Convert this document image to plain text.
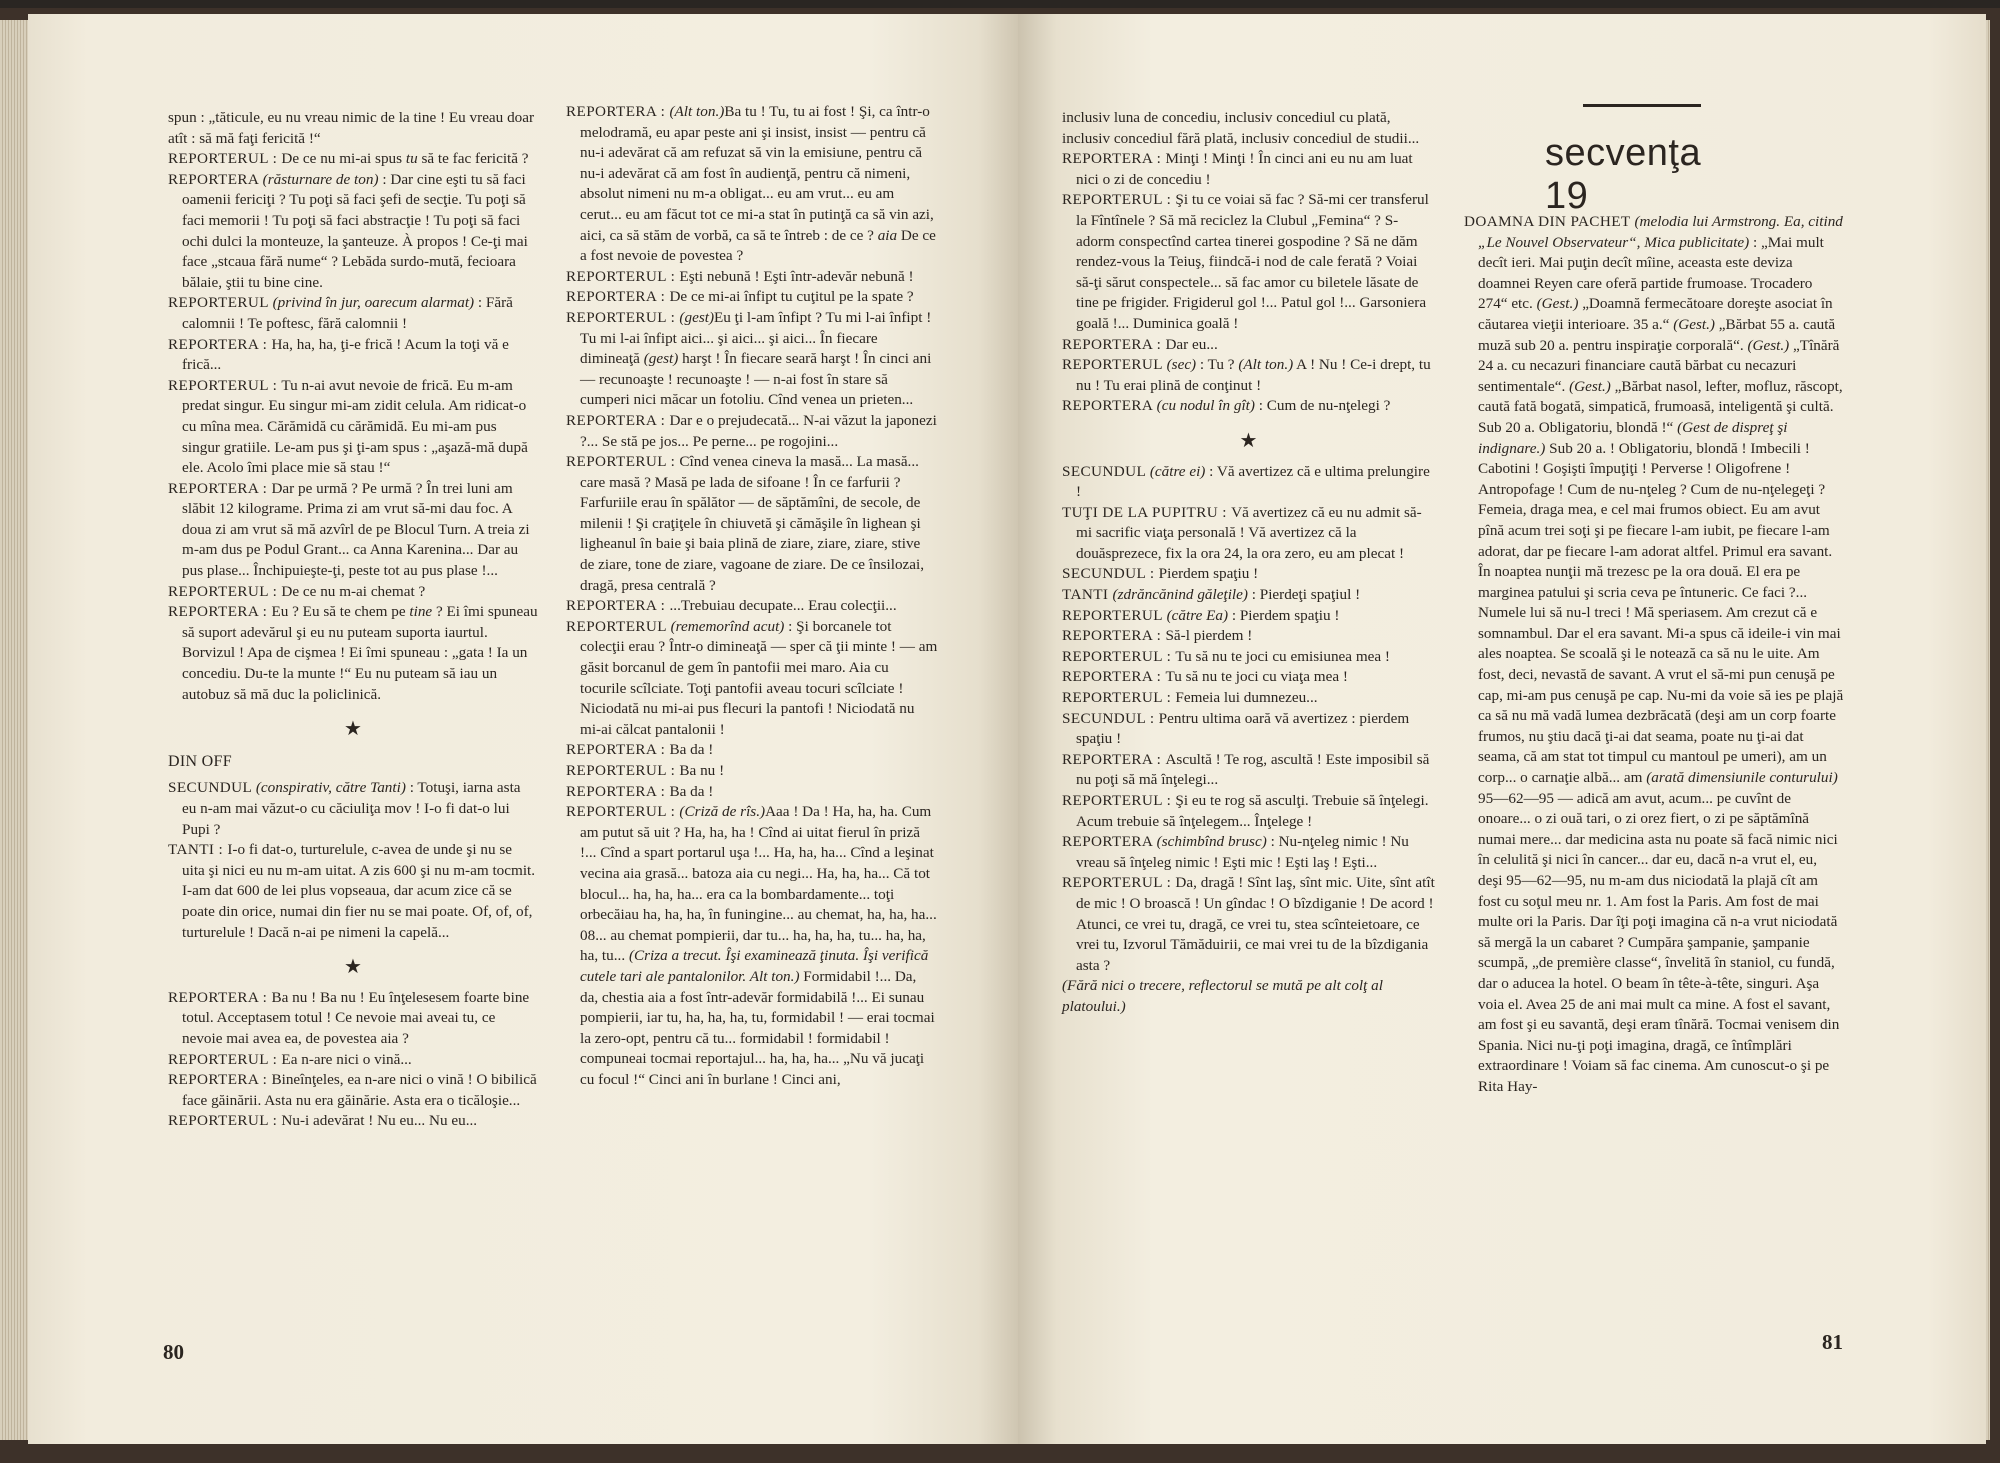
spun : „tăticule, eu nu vreau nimic de la tine ! Eu vreau doar atît : să mă faţi fericită !“

REPORTERUL : De ce nu mi-ai spus tu să te fac fericită ?

REPORTERA (răsturnare de ton) : Dar cine eşti tu să faci oamenii fericiţi ? Tu poţi să faci şefi de secţie. Tu poţi să faci memorii ! Tu poţi să faci abstracţie ! Tu poţi să faci ochi dulci la monteuze, la şanteuze. À propos ! Ce-ţi mai face „stcaua fără nume“ ? Lebăda surdo-mută, fecioara bălaie, ştii tu bine cine.

REPORTERUL (privind în jur, oarecum alarmat) : Fără calomnii ! Te poftesc, fără calomnii !

REPORTERA : Ha, ha, ha, ţi-e frică ! Acum la toţi vă e frică...

REPORTERUL : Tu n-ai avut nevoie de frică. Eu m-am predat singur. Eu singur mi-am zidit celula. Am ridicat-o cu mîna mea. Cărămidă cu cărămidă. Eu mi-am pus singur gratiile. Le-am pus şi ţi-am spus : „aşază-mă după ele. Acolo îmi place mie să stau !“

REPORTERA : Dar pe urmă ? Pe urmă ? În trei luni am slăbit 12 kilograme. Prima zi am vrut să-mi dau foc. A doua zi am vrut să mă azvîrl de pe Blocul Turn. A treia zi m-am dus pe Podul Grant... ca Anna Karenina... Dar au pus plase... Închipuieşte-ţi, peste tot au pus plase !...

REPORTERUL : De ce nu m-ai chemat ?

REPORTERA : Eu ? Eu să te chem pe tine ? Ei îmi spuneau să suport adevărul şi eu nu puteam suporta iaurtul. Borvizul ! Apa de cişmea ! Ei îmi spuneau : „gata ! Ia un concediu. Du-te la munte !“ Eu nu puteam să iau un autobuz să mă duc la policlinică.

★
DIN OFF

SECUNDUL (conspirativ, către Tanti) : Totuşi, iarna asta eu n-am mai văzut-o cu căciuliţa mov ! I-o fi dat-o lui Pupi ?

TANTI : I-o fi dat-o, turturelule, c-avea de unde şi nu se uita şi nici eu nu m-am uitat. A zis 600 şi nu m-am tocmit. I-am dat 600 de lei plus vopseaua, dar acum zice că se poate din orice, numai din fier nu se mai poate. Of, of, of, turturelule ! Dacă n-ai pe nimeni la capelă...

★

REPORTERA : Ba nu ! Ba nu ! Eu înţelesesem foarte bine totul. Acceptasem totul ! Ce nevoie mai aveai tu, ce nevoie mai avea ea, de povestea aia ?

REPORTERUL : Ea n-are nici o vină...

REPORTERA : Bineînţeles, ea n-are nici o vină ! O bibilică face găinării. Asta nu era găinărie. Asta era o ticăloşie...

REPORTERUL : Nu-i adevărat ! Nu eu... Nu eu...

REPORTERA : (Alt ton.)Ba tu ! Tu, tu ai fost ! Şi, ca într-o melodramă, eu apar peste ani şi insist, insist — pentru că nu-i adevărat că am refuzat să vin la emisiune, pentru că nu-i adevărat că am fost în audienţă, pentru că nimeni, absolut nimeni nu m-a obligat... eu am vrut... eu am cerut... eu am făcut tot ce mi-a stat în putinţă ca să vin azi, aici, ca să stăm de vorbă, ca să te întreb : de ce ? aia De ce a fost nevoie de povestea ?

REPORTERUL : Eşti nebună ! Eşti într-adevăr nebună !

REPORTERA : De ce mi-ai înfipt tu cuţitul pe la spate ?

REPORTERUL : (gest)Eu ţi l-am înfipt ? Tu mi l-ai înfipt ! Tu mi l-ai înfipt aici... şi aici... şi aici... În fiecare dimineaţă (gest) harşt ! În fiecare seară harşt ! În cinci ani — recunoaşte ! recunoaşte ! — n-ai fost în stare să cumperi nici măcar un fotoliu. Cînd venea un prieten...

REPORTERA : Dar e o prejudecată... N-ai văzut la japonezi ?... Se stă pe jos... Pe perne... pe rogojini...

REPORTERUL : Cînd venea cineva la masă... La masă... care masă ? Masă pe lada de sifoane ! În ce farfurii ? Farfuriile erau în spălător — de săptămîni, de secole, de milenii ! Şi craţiţele în chiuvetă şi cămăşile în lighean şi ligheanul în baie şi baia plină de ziare, ziare, ziare, stive de ziare, tone de ziare, vagoane de ziare. De ce însilozai, dragă, presa centrală ?

REPORTERA : ...Trebuiau decupate... Erau colecţii...

REPORTERUL (rememorînd acut) : Şi borcanele tot colecţii erau ? Într-o dimineaţă — sper că ţii minte ! — am găsit borcanul de gem în pantofii mei maro. Aia cu tocurile scîlciate. Toţi pantofii aveau tocuri scîlciate ! Niciodată nu mi-ai pus flecuri la pantofi ! Niciodată nu mi-ai călcat pantalonii !

REPORTERA : Ba da !

REPORTERUL : Ba nu !

REPORTERA : Ba da !

REPORTERUL : (Criză de rîs.)Aaa ! Da ! Ha, ha, ha. Cum am putut să uit ? Ha, ha, ha ! Cînd ai uitat fierul în priză !... Cînd a spart portarul uşa !... Ha, ha, ha... Cînd a leşinat vecina aia grasă... batoza aia cu negi... Ha, ha, ha... Că tot blocul... ha, ha, ha... era ca la bombardamente... toţi orbecăiau ha, ha, ha, în funingine... au chemat, ha, ha, ha... 08... au chemat pompierii, dar tu... ha, ha, ha, tu... ha, ha, ha, tu... (Criza a trecut. Îşi examinează ţinuta. Îşi verifică cutele tari ale pantalonilor. Alt ton.) Formidabil !... Da, da, chestia aia a fost într-adevăr formidabilă !... Ei sunau pompierii, iar tu, ha, ha, ha, tu, formidabil ! — erai tocmai la zero-opt, pentru că tu... formidabil ! formidabil ! compuneai tocmai reportajul... ha, ha, ha... „Nu vă jucaţi cu focul !“ Cinci ani în burlane ! Cinci ani,

80

inclusiv luna de concediu, inclusiv concediul cu plată, inclusiv concediul fără plată, inclusiv concediul de studii...

REPORTERA : Minţi ! Minţi ! În cinci ani eu nu am luat nici o zi de concediu !

REPORTERUL : Şi tu ce voiai să fac ? Să-mi cer transferul la Fîntînele ? Să mă reciclez la Clubul „Femina“ ? S-adorm conspectînd cartea tinerei gospodine ? Să ne dăm rendez-vous la Teiuş, fiindcă-i nod de cale ferată ? Voiai să-ţi sărut conspectele... să fac amor cu biletele lăsate de tine pe frigider. Frigiderul gol !... Patul gol !... Garsoniera goală !... Duminica goală !

REPORTERA : Dar eu...

REPORTERUL (sec) : Tu ? (Alt ton.) A ! Nu ! Ce-i drept, tu nu ! Tu erai plină de conţinut !

REPORTERA (cu nodul în gît) : Cum de nu-nţelegi ?

★

SECUNDUL (către ei) : Vă avertizez că e ultima prelungire !

TUŢI DE LA PUPITRU : Vă avertizez că eu nu admit să-mi sacrific viaţa personală ! Vă avertizez că la douăsprezece, fix la ora 24, la ora zero, eu am plecat !

SECUNDUL : Pierdem spaţiu !

TANTI (zdrăncănind găleţile) : Pierdeţi spaţiul !

REPORTERUL (către Ea) : Pierdem spaţiu !

REPORTERA : Să-l pierdem !

REPORTERUL : Tu să nu te joci cu emisiunea mea !

REPORTERA : Tu să nu te joci cu viaţa mea !

REPORTERUL : Femeia lui dumnezeu...

SECUNDUL : Pentru ultima oară vă avertizez : pierdem spaţiu !

REPORTERA : Ascultă ! Te rog, ascultă ! Este imposibil să nu poţi să mă înţelegi...

REPORTERUL : Şi eu te rog să asculţi. Trebuie să înţelegi. Acum trebuie să înţelegem... Înţelege !

REPORTERA (schimbînd brusc) : Nu-nţeleg nimic ! Nu vreau să înţeleg nimic ! Eşti mic ! Eşti laş ! Eşti...

REPORTERUL : Da, dragă ! Sînt laş, sînt mic. Uite, sînt atît de mic ! O broască ! Un gîndac ! O bîzdiganie ! De acord ! Atunci, ce vrei tu, dragă, ce vrei tu, stea scînteietoare, ce vrei tu, Izvorul Tămăduirii, ce mai vrei tu de la bîzdigania asta ?

(Fără nici o trecere, reflectorul se mută pe alt colţ al platoului.)

secvenţa 19

DOAMNA DIN PACHET (melodia lui Armstrong. Ea, citind „Le Nouvel Observateur“, Mica publicitate) : „Mai mult decît ieri. Mai puţin decît mîine, aceasta este deviza doamnei Reyen care oferă partide frumoase. Trocadero 274“ etc. (Gest.) „Doamnă fermecătoare doreşte asociat în căutarea vieţii interioare. 35 a.“ (Gest.) „Bărbat 55 a. caută muză sub 20 a. pentru inspiraţie corporală“. (Gest.) „Tînără 24 a. cu necazuri financiare caută bărbat cu necazuri sentimentale“. (Gest.) „Bărbat nasol, lefter, mofluz, răscopt, caută fată bogată, simpatică, frumoasă, inteligentă şi cultă. Sub 20 a. Obligatoriu, blondă !“ (Gest de dispreţ şi indignare.) Sub 20 a. ! Obligatoriu, blondă ! Imbecili ! Cabotini ! Goşişti împuţiţi ! Perverse ! Oligofrene ! Antropofage ! Cum de nu-nţeleg ? Cum de nu-nţelegeţi ? Femeia, draga mea, e cel mai frumos obiect. Eu am avut pînă acum trei soţi şi pe fiecare l-am iubit, pe fiecare l-am adorat, dar pe fiecare l-am adorat altfel. Primul era savant. În noaptea nunţii mă trezesc pe la ora două. El era pe marginea patului şi scria ceva pe întuneric. Ce faci ?... Numele lui să nu-l treci ! Mă speriasem. Am crezut că e somnambul. Dar el era savant. Mi-a spus că ideile-i vin mai ales noaptea. Se scoală şi le notează ca să nu le uite. Am fost, deci, nevastă de savant. A vrut el să-mi pun cenuşă pe cap, mi-am pus cenuşă pe cap. Nu-mi da voie să ies pe plajă ca să nu mă vadă lumea dezbrăcată (deşi am un corp foarte frumos, nu ştiu dacă ţi-ai dat seama, poate nu ţi-ai dat seama, că am stat tot timpul cu mantoul pe umeri), am un corp... o carnaţie albă... am (arată dimensiunile conturului) 95—62—95 — adică am avut, acum... pe cuvînt de onoare... o zi ouă tari, o zi orez fiert, o zi pe săptămînă numai mere... dar medicina asta nu poate să facă nimic nici în celulită şi nici în cancer... dar eu, dacă n-a vrut el, eu, deşi 95—62—95, nu m-am dus niciodată la plajă cît am fost cu soţul meu nr. 1. Am fost la Paris. Am fost de mai multe ori la Paris. Dar îţi poţi imagina că n-a vrut niciodată să mergă la un cabaret ? Cumpăra şampanie, şampanie scumpă, „de première classe“, învelită în staniol, cu fundă, dar o aducea la hotel. O beam în tête-à-tête, singuri. Aşa voia el. Avea 25 de ani mai mult ca mine. A fost el savant, am fost şi eu savantă, deşi eram tînără. Tocmai venisem din Spania. Nici nu-ţi poţi imagina, dragă, ce întîmplări extraordinare ! Voiam să fac cinema. Am cunoscut-o şi pe Rita Hay-

81
